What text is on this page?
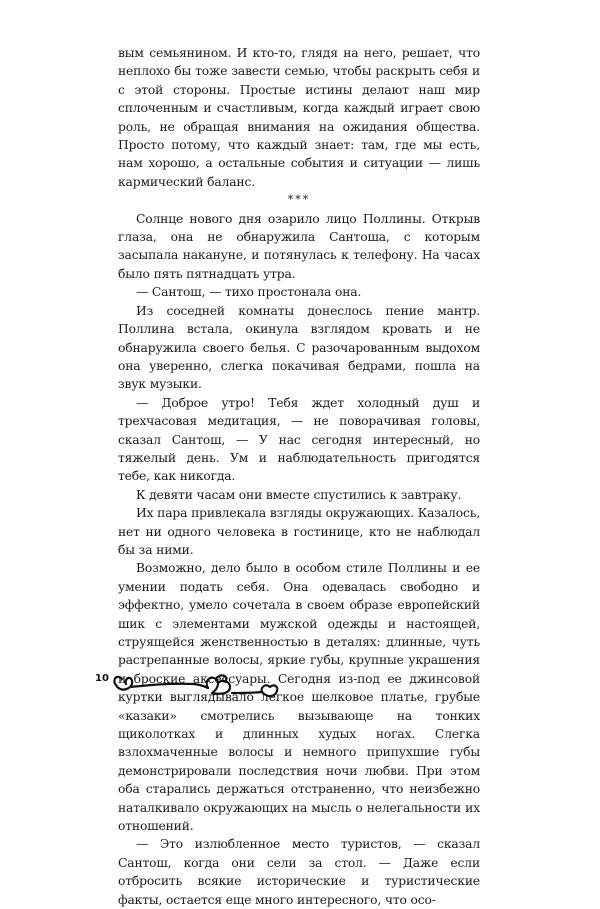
вым семьянином. И кто-то, глядя на него, решает, что неплохо бы тоже завести семью, чтобы раскрыть себя и с этой стороны. Простые истины делают наш мир сплоченным и счастливым, когда каждый играет свою роль, не обращая внимания на ожидания общества. Просто потому, что каждый знает: там, где мы есть, нам хорошо, а остальные события и ситуации — лишь кармический баланс.

***

Солнце нового дня озарило лицо Поллины. Открыв глаза, она не обнаружила Сантоша, с которым засыпала накануне, и потянулась к телефону. На часах было пять пятнадцать утра.

— Сантош, — тихо простонала она.

Из соседней комнаты донеслось пение мантр. Поллина встала, окинула взглядом кровать и не обнаружила своего белья. С разочарованным выдохом она уверенно, слегка покачивая бедрами, пошла на звук музыки.

— Доброе утро! Тебя ждет холодный душ и трехчасовая медитация, — не поворачивая головы, сказал Сантош, — У нас сегодня интересный, но тяжелый день. Ум и наблюдательность пригодятся тебе, как никогда.

К девяти часам они вместе спустились к завтраку.

Их пара привлекала взгляды окружающих. Казалось, нет ни одного человека в гостинице, кто не наблюдал бы за ними.

Возможно, дело было в особом стиле Поллины и ее умении подать себя. Она одевалась свободно и эффектно, умело сочетала в своем образе европейский шик с элементами мужской одежды и настоящей, струящейся женственностью в деталях: длинные, чуть растрепанные волосы, яркие губы, крупные украшения и броские аксессуары. Сегодня из-под ее джинсовой куртки выглядывало легкое шелковое платье, грубые «казаки» смотрелись вызывающе на тонких щиколотках и длинных худых ногах. Слегка взлохмаченные волосы и немного припухшие губы демонстрировали последствия ночи любви. При этом оба старались держаться отстраненно, что неизбежно наталкивало окружающих на мысль о нелегальности их отношений.

— Это излюбленное место туристов, — сказал Сантош, когда они сели за стол. — Даже если отбросить всякие исторические и туристические факты, остается еще много интересного, что осо-

10
